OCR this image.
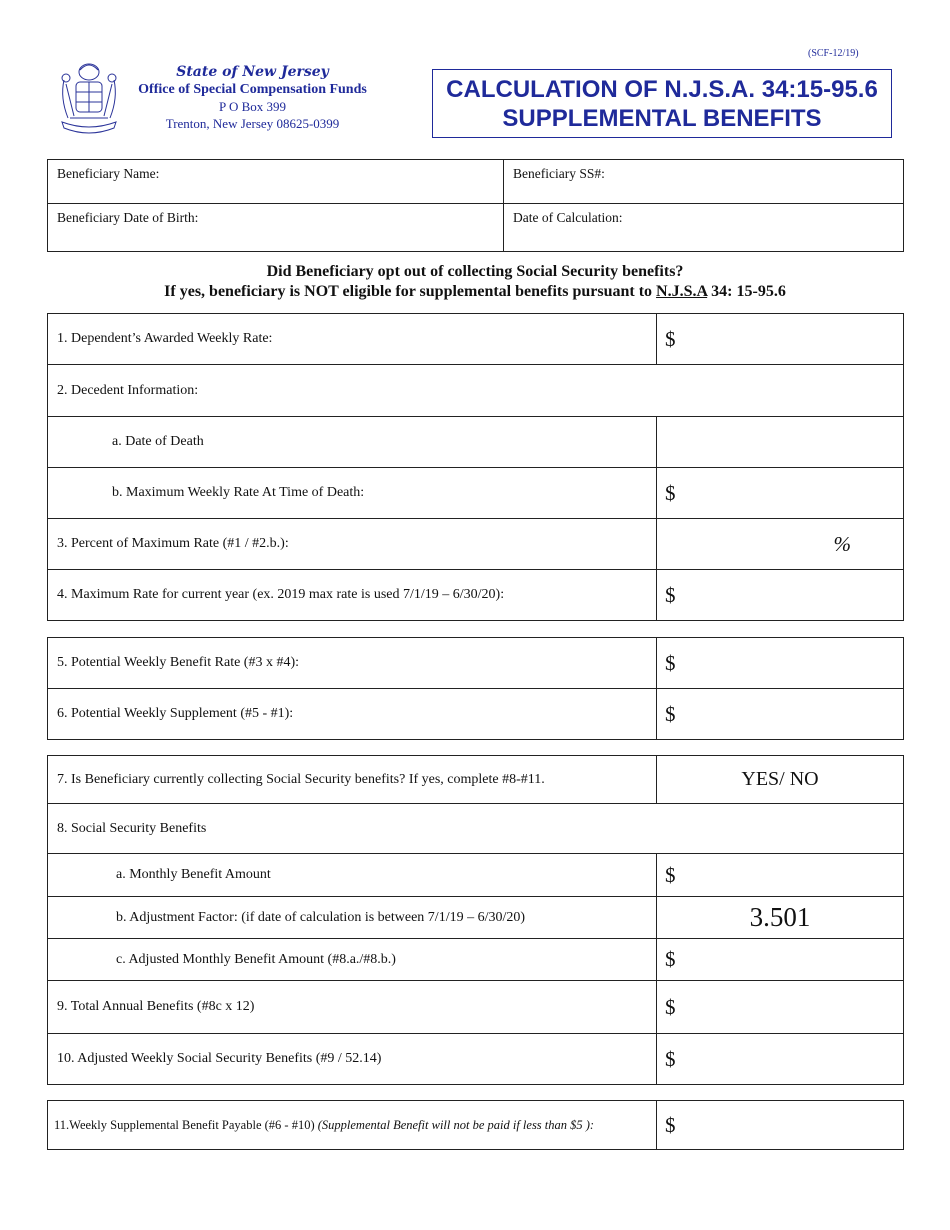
(SCF-12/19)
State of New Jersey
Office of Special Compensation Funds
P O Box 399
Trenton, New Jersey 08625-0399
CALCULATION OF N.J.S.A. 34:15-95.6
SUPPLEMENTAL BENEFITS
Beneficiary Name:	Beneficiary SS#:
Beneficiary Date of Birth:	Date of Calculation:
Did Beneficiary opt out of collecting Social Security benefits?
If yes, beneficiary is NOT eligible for supplemental benefits pursuant to N.J.S.A 34: 15-95.6
1. Dependent’s Awarded Weekly Rate:	$
2. Decedent Information:	
a. Date of Death	
b. Maximum Weekly Rate At Time of Death:	$
3. Percent of Maximum Rate (#1 / #2.b.):	%
4. Maximum Rate for current year (ex. 2019 max rate is used 7/1/19 – 6/30/20):	$
5. Potential Weekly Benefit Rate (#3 x #4):	$
6. Potential Weekly Supplement (#5 - #1):	$
7. Is Beneficiary currently collecting Social Security benefits? If yes, complete #8-#11.	YES/ NO
8. Social Security Benefits	
a. Monthly Benefit Amount	$
b. Adjustment Factor: (if date of calculation is between 7/1/19 – 6/30/20)	3.501
c. Adjusted Monthly Benefit Amount (#8.a./#8.b.)	$
9. Total Annual Benefits (#8c x 12)	$
10. Adjusted Weekly Social Security Benefits (#9 / 52.14)	$
11.Weekly Supplemental Benefit Payable (#6 - #10) (Supplemental Benefit will not be paid if less than $5 ):	$
